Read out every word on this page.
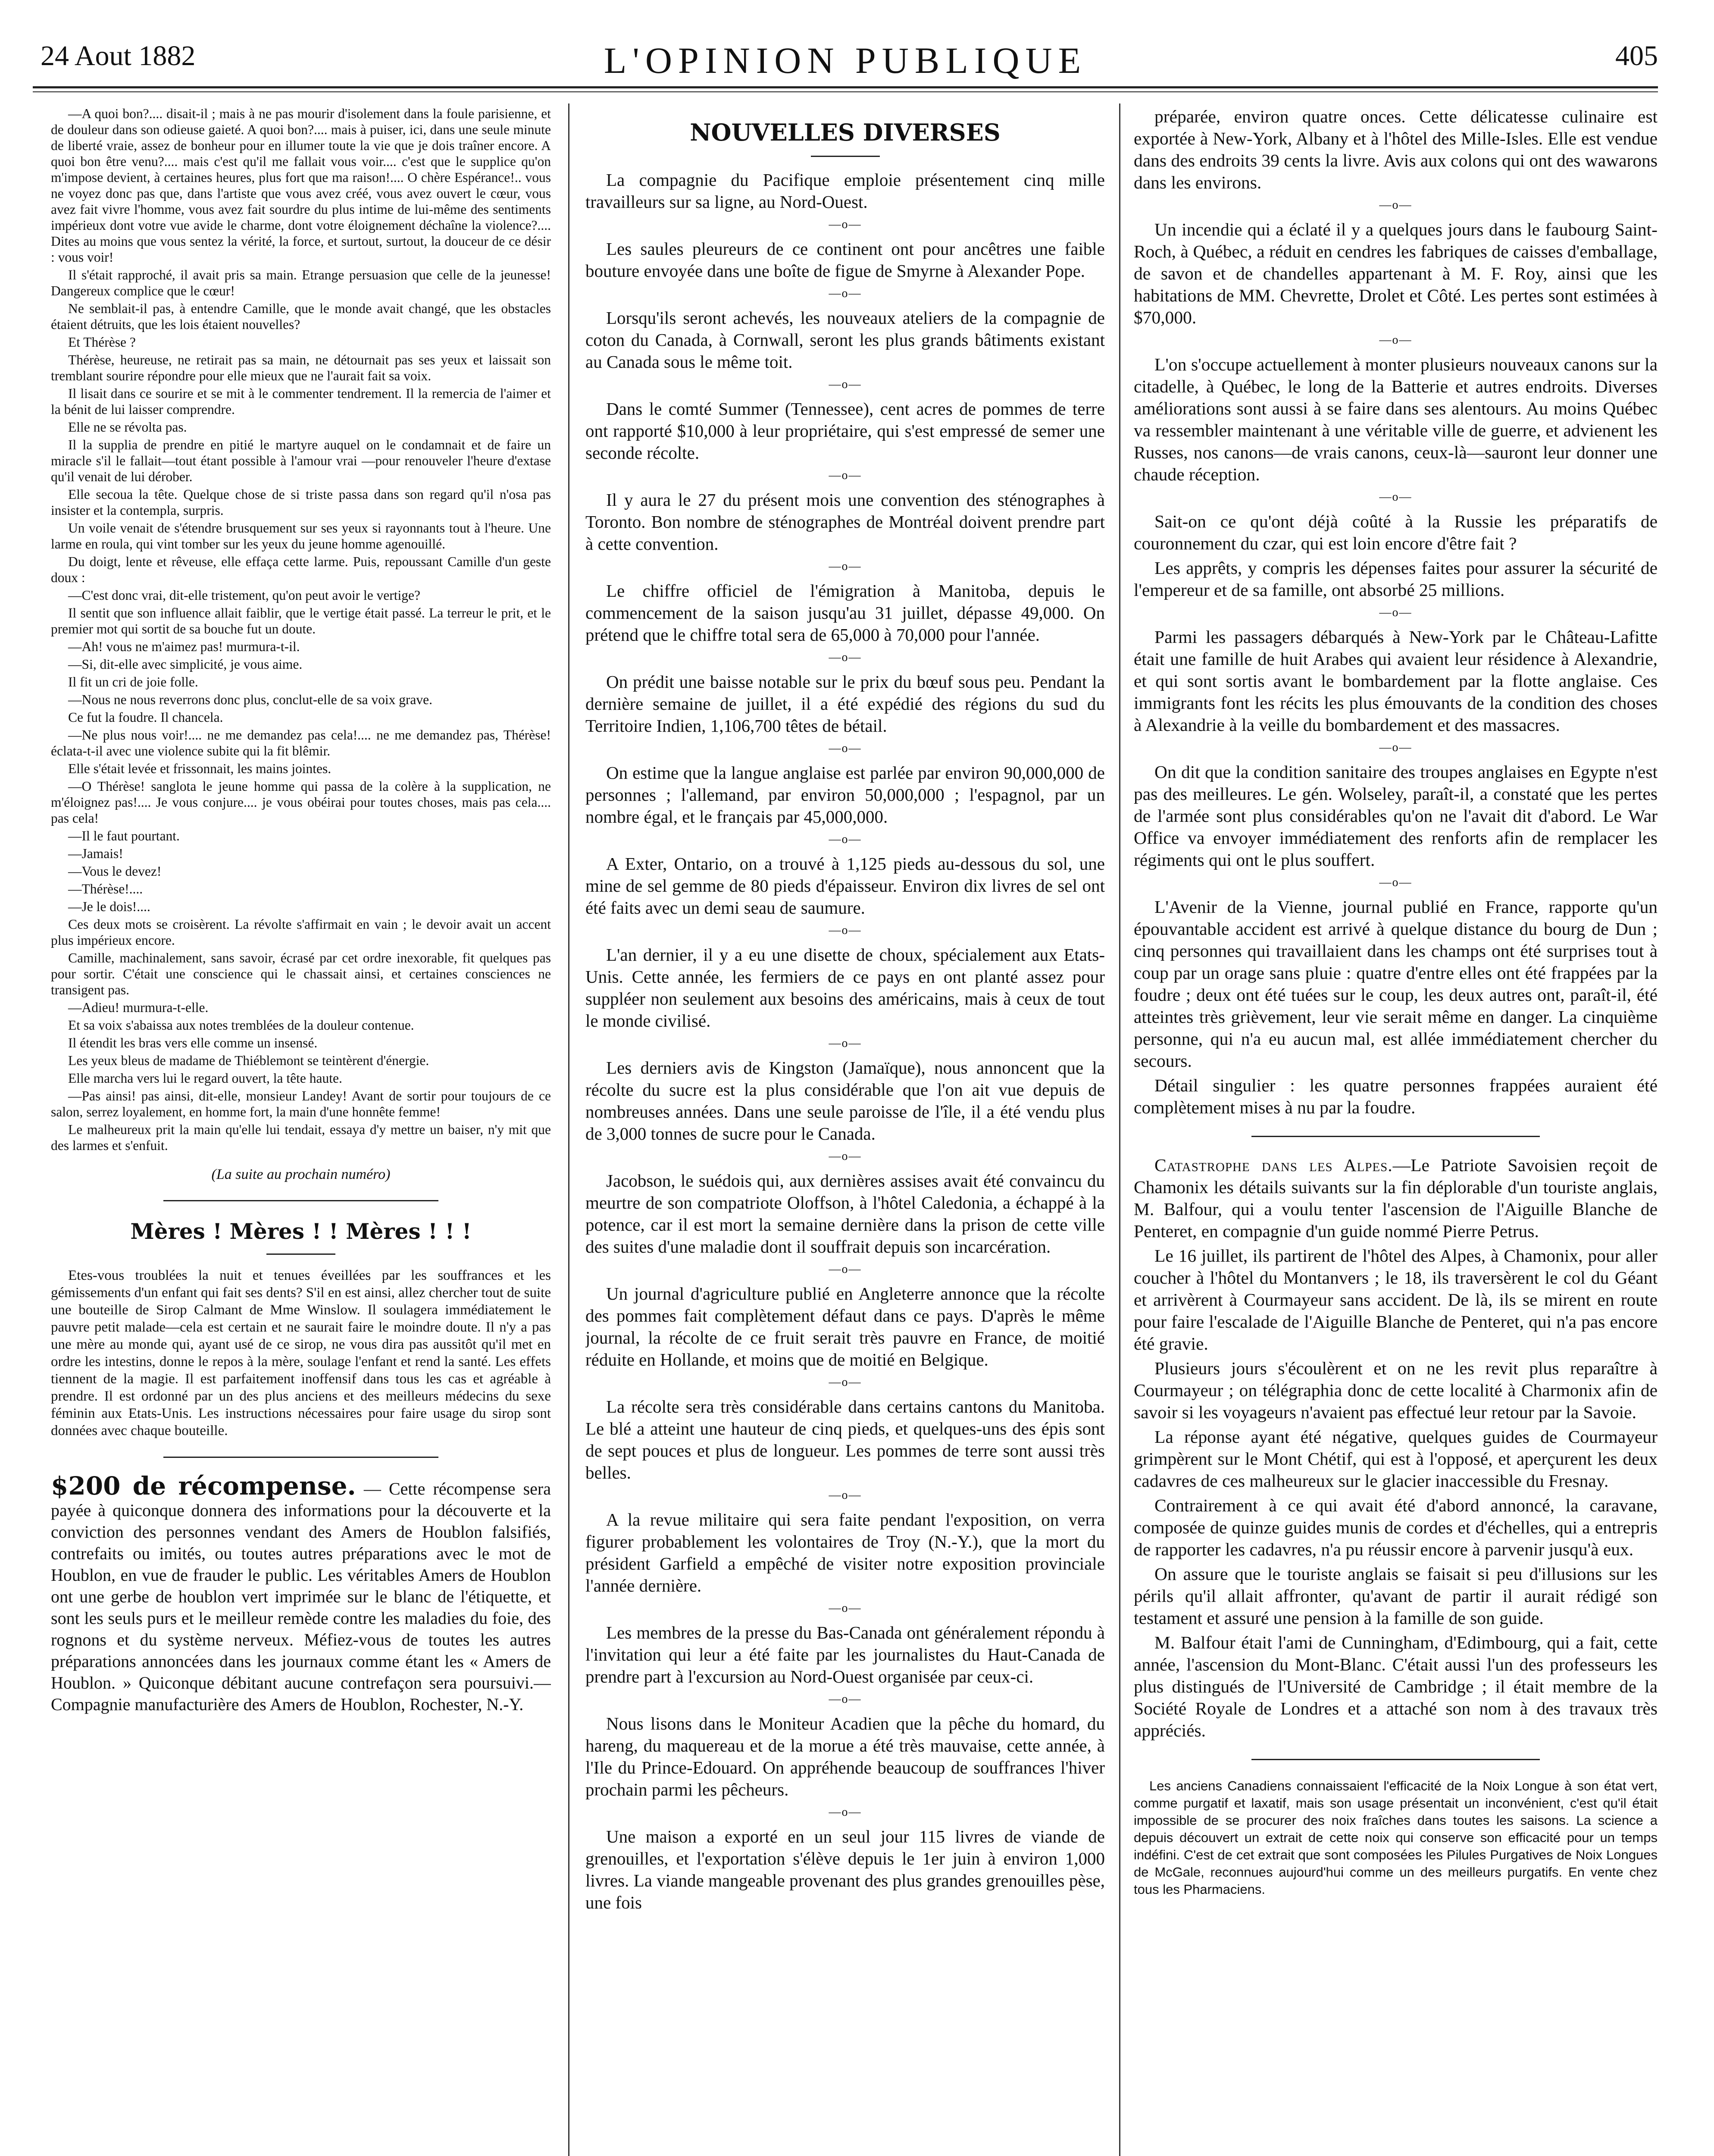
24 Aout 1882	L'OPINION PUBLIQUE	405

—A quoi bon?.... disait-il ; mais à ne pas mourir d'isolement dans la foule parisienne, et de douleur dans son odieuse gaieté. A quoi bon?.... mais à puiser, ici, dans une seule minute de liberté vraie, assez de bonheur pour en illumer toute la vie que je dois traîner encore. A quoi bon être venu?.... mais c'est qu'il me fallait vous voir.... c'est que le supplice qu'on m'impose devient, à certaines heures, plus fort que ma raison!.... O chère Espérance!.. vous ne voyez donc pas que, dans l'artiste que vous avez créé, vous avez ouvert le cœur, vous avez fait vivre l'homme, vous avez fait sourdre du plus intime de lui-même des sentiments impérieux dont votre vue avide le charme, dont votre éloignement déchaîne la violence?.... Dites au moins que vous sentez la vérité, la force, et surtout, surtout, la douceur de ce désir : vous voir!

Il s'était rapproché, il avait pris sa main. Etrange persuasion que celle de la jeunesse! Dangereux complice que le cœur!

Ne semblait-il pas, à entendre Camille, que le monde avait changé, que les obstacles étaient détruits, que les lois étaient nouvelles?

Et Thérèse ?

Thérèse, heureuse, ne retirait pas sa main, ne détournait pas ses yeux et laissait son tremblant sourire répondre pour elle mieux que ne l'aurait fait sa voix.

Il lisait dans ce sourire et se mit à le commenter tendrement. Il la remercia de l'aimer et la bénit de lui laisser comprendre.

Elle ne se révolta pas.

Il la supplia de prendre en pitié le martyre auquel on le condamnait et de faire un miracle s'il le fallait—tout étant possible à l'amour vrai —pour renouveler l'heure d'extase qu'il venait de lui dérober.

Elle secoua la tête. Quelque chose de si triste passa dans son regard qu'il n'osa pas insister et la contempla, surpris.

Un voile venait de s'étendre brusquement sur ses yeux si rayonnants tout à l'heure. Une larme en roula, qui vint tomber sur les yeux du jeune homme agenouillé.

Du doigt, lente et rêveuse, elle effaça cette larme. Puis, repoussant Camille d'un geste doux :

—C'est donc vrai, dit-elle tristement, qu'on peut avoir le vertige?

Il sentit que son influence allait faiblir, que le vertige était passé. La terreur le prit, et le premier mot qui sortit de sa bouche fut un doute.

—Ah! vous ne m'aimez pas! murmura-t-il.

—Si, dit-elle avec simplicité, je vous aime.

Il fit un cri de joie folle.

—Nous ne nous reverrons donc plus, conclut-elle de sa voix grave.

Ce fut la foudre. Il chancela.

—Ne plus nous voir!.... ne me demandez pas cela!.... ne me demandez pas, Thérèse! éclata-t-il avec une violence subite qui la fit blêmir.

Elle s'était levée et frissonnait, les mains jointes.

—O Thérèse! sanglota le jeune homme qui passa de la colère à la supplication, ne m'éloignez pas!.... Je vous conjure.... je vous obéirai pour toutes choses, mais pas cela.... pas cela!

—Il le faut pourtant.

—Jamais!

—Vous le devez!

—Thérèse!....

—Je le dois!....

Ces deux mots se croisèrent. La révolte s'affirmait en vain ; le devoir avait un accent plus impérieux encore.

Camille, machinalement, sans savoir, écrasé par cet ordre inexorable, fit quelques pas pour sortir. C'était une conscience qui le chassait ainsi, et certaines consciences ne transigent pas.

—Adieu! murmura-t-elle.

Et sa voix s'abaissa aux notes tremblées de la douleur contenue.

Il étendit les bras vers elle comme un insensé.

Les yeux bleus de madame de Thiéblemont se teintèrent d'énergie.

Elle marcha vers lui le regard ouvert, la tête haute.

—Pas ainsi! pas ainsi, dit-elle, monsieur Landey! Avant de sortir pour toujours de ce salon, serrez loyalement, en homme fort, la main d'une honnête femme!

Le malheureux prit la main qu'elle lui tendait, essaya d'y mettre un baiser, n'y mit que des larmes et s'enfuit.

(La suite au prochain numéro)
Mères ! Mères ! ! Mères ! ! !

Etes-vous troublées la nuit et tenues éveillées par les souffrances et les gémissements d'un enfant qui fait ses dents? S'il en est ainsi, allez chercher tout de suite une bouteille de Sirop Calmant de Mme Winslow. Il soulagera immédiatement le pauvre petit malade—cela est certain et ne saurait faire le moindre doute. Il n'y a pas une mère au monde qui, ayant usé de ce sirop, ne vous dira pas aussitôt qu'il met en ordre les intestins, donne le repos à la mère, soulage l'enfant et rend la santé. Les effets tiennent de la magie. Il est parfaitement inoffensif dans tous les cas et agréable à prendre. Il est ordonné par un des plus anciens et des meilleurs médecins du sexe féminin aux Etats-Unis. Les instructions nécessaires pour faire usage du sirop sont données avec chaque bouteille.

$200 de récompense. — Cette récompense sera payée à quiconque donnera des informations pour la découverte et la conviction des personnes vendant des Amers de Houblon falsifiés, contrefaits ou imités, ou toutes autres préparations avec le mot de Houblon, en vue de frauder le public. Les véritables Amers de Houblon ont une gerbe de houblon vert imprimée sur le blanc de l'étiquette, et sont les seuls purs et le meilleur remède contre les maladies du foie, des rognons et du système nerveux. Méfiez-vous de toutes les autres préparations annoncées dans les journaux comme étant les « Amers de Houblon. » Quiconque débitant aucune contrefaçon sera poursuivi.—Compagnie manufacturière des Amers de Houblon, Rochester, N.-Y.

NOUVELLES DIVERSES

La compagnie du Pacifique emploie présentement cinq mille travailleurs sur sa ligne, au Nord-Ouest.

—o—

Les saules pleureurs de ce continent ont pour ancêtres une faible bouture envoyée dans une boîte de figue de Smyrne à Alexander Pope.

—o—

Lorsqu'ils seront achevés, les nouveaux ateliers de la compagnie de coton du Canada, à Cornwall, seront les plus grands bâtiments existant au Canada sous le même toit.

—o—

Dans le comté Summer (Tennessee), cent acres de pommes de terre ont rapporté $10,000 à leur propriétaire, qui s'est empressé de semer une seconde récolte.

—o—

Il y aura le 27 du présent mois une convention des sténographes à Toronto. Bon nombre de sténographes de Montréal doivent prendre part à cette convention.

—o—

Le chiffre officiel de l'émigration à Manitoba, depuis le commencement de la saison jusqu'au 31 juillet, dépasse 49,000. On prétend que le chiffre total sera de 65,000 à 70,000 pour l'année.

—o—

On prédit une baisse notable sur le prix du bœuf sous peu. Pendant la dernière semaine de juillet, il a été expédié des régions du sud du Territoire Indien, 1,106,700 têtes de bétail.

—o—

On estime que la langue anglaise est parlée par environ 90,000,000 de personnes ; l'allemand, par environ 50,000,000 ; l'espagnol, par un nombre égal, et le français par 45,000,000.

—o—

A Exter, Ontario, on a trouvé à 1,125 pieds au-dessous du sol, une mine de sel gemme de 80 pieds d'épaisseur. Environ dix livres de sel ont été faits avec un demi seau de saumure.

—o—

L'an dernier, il y a eu une disette de choux, spécialement aux Etats-Unis. Cette année, les fermiers de ce pays en ont planté assez pour suppléer non seulement aux besoins des américains, mais à ceux de tout le monde civilisé.

—o—

Les derniers avis de Kingston (Jamaïque), nous annoncent que la récolte du sucre est la plus considérable que l'on ait vue depuis de nombreuses années. Dans une seule paroisse de l'île, il a été vendu plus de 3,000 tonnes de sucre pour le Canada.

—o—

Jacobson, le suédois qui, aux dernières assises avait été convaincu du meurtre de son compatriote Oloffson, à l'hôtel Caledonia, a échappé à la potence, car il est mort la semaine dernière dans la prison de cette ville des suites d'une maladie dont il souffrait depuis son incarcération.

—o—

Un journal d'agriculture publié en Angleterre annonce que la récolte des pommes fait complètement défaut dans ce pays. D'après le même journal, la récolte de ce fruit serait très pauvre en France, de moitié réduite en Hollande, et moins que de moitié en Belgique.

—o—

La récolte sera très considérable dans certains cantons du Manitoba. Le blé a atteint une hauteur de cinq pieds, et quelques-uns des épis sont de sept pouces et plus de longueur. Les pommes de terre sont aussi très belles.

—o—

A la revue militaire qui sera faite pendant l'exposition, on verra figurer probablement les volontaires de Troy (N.-Y.), que la mort du président Garfield a empêché de visiter notre exposition provinciale l'année dernière.

—o—

Les membres de la presse du Bas-Canada ont généralement répondu à l'invitation qui leur a été faite par les journalistes du Haut-Canada de prendre part à l'excursion au Nord-Ouest organisée par ceux-ci.

—o—

Nous lisons dans le Moniteur Acadien que la pêche du homard, du hareng, du maquereau et de la morue a été très mauvaise, cette année, à l'Ile du Prince-Edouard. On appréhende beaucoup de souffrances l'hiver prochain parmi les pêcheurs.

—o—

Une maison a exporté en un seul jour 115 livres de viande de grenouilles, et l'exportation s'élève depuis le 1er juin à environ 1,000 livres. La viande mangeable provenant des plus grandes grenouilles pèse, une fois

préparée, environ quatre onces. Cette délicatesse culinaire est exportée à New-York, Albany et à l'hôtel des Mille-Isles. Elle est vendue dans des endroits 39 cents la livre. Avis aux colons qui ont des wawarons dans les environs.

—o—

Un incendie qui a éclaté il y a quelques jours dans le faubourg Saint-Roch, à Québec, a réduit en cendres les fabriques de caisses d'emballage, de savon et de chandelles appartenant à M. F. Roy, ainsi que les habitations de MM. Chevrette, Drolet et Côté. Les pertes sont estimées à $70,000.

—o—

L'on s'occupe actuellement à monter plusieurs nouveaux canons sur la citadelle, à Québec, le long de la Batterie et autres endroits. Diverses améliorations sont aussi à se faire dans ses alentours. Au moins Québec va ressembler maintenant à une véritable ville de guerre, et advienent les Russes, nos canons—de vrais canons, ceux-là—sauront leur donner une chaude réception.

—o—

Sait-on ce qu'ont déjà coûté à la Russie les préparatifs de couronnement du czar, qui est loin encore d'être fait ?

Les apprêts, y compris les dépenses faites pour assurer la sécurité de l'empereur et de sa famille, ont absorbé 25 millions.

—o—

Parmi les passagers débarqués à New-York par le Château-Lafitte était une famille de huit Arabes qui avaient leur résidence à Alexandrie, et qui sont sortis avant le bombardement par la flotte anglaise. Ces immigrants font les récits les plus émouvants de la condition des choses à Alexandrie à la veille du bombardement et des massacres.

—o—

On dit que la condition sanitaire des troupes anglaises en Egypte n'est pas des meilleures. Le gén. Wolseley, paraît-il, a constaté que les pertes de l'armée sont plus considérables qu'on ne l'avait dit d'abord. Le War Office va envoyer immédiatement des renforts afin de remplacer les régiments qui ont le plus souffert.

—o—

L'Avenir de la Vienne, journal publié en France, rapporte qu'un épouvantable accident est arrivé à quelque distance du bourg de Dun ; cinq personnes qui travaillaient dans les champs ont été surprises tout à coup par un orage sans pluie : quatre d'entre elles ont été frappées par la foudre ; deux ont été tuées sur le coup, les deux autres ont, paraît-il, été atteintes très grièvement, leur vie serait même en danger. La cinquième personne, qui n'a eu aucun mal, est allée immédiatement chercher du secours.

Détail singulier : les quatre personnes frappées auraient été complètement mises à nu par la foudre.

Catastrophe dans les Alpes.—Le Patriote Savoisien reçoit de Chamonix les détails suivants sur la fin déplorable d'un touriste anglais, M. Balfour, qui a voulu tenter l'ascension de l'Aiguille Blanche de Penteret, en compagnie d'un guide nommé Pierre Petrus.

Le 16 juillet, ils partirent de l'hôtel des Alpes, à Chamonix, pour aller coucher à l'hôtel du Montanvers ; le 18, ils traversèrent le col du Géant et arrivèrent à Courmayeur sans accident. De là, ils se mirent en route pour faire l'escalade de l'Aiguille Blanche de Penteret, qui n'a pas encore été gravie.

Plusieurs jours s'écoulèrent et on ne les revit plus reparaître à Courmayeur ; on télégraphia donc de cette localité à Charmonix afin de savoir si les voyageurs n'avaient pas effectué leur retour par la Savoie.

La réponse ayant été négative, quelques guides de Courmayeur grimpèrent sur le Mont Chétif, qui est à l'opposé, et aperçurent les deux cadavres de ces malheureux sur le glacier inaccessible du Fresnay.

Contrairement à ce qui avait été d'abord annoncé, la caravane, composée de quinze guides munis de cordes et d'échelles, qui a entrepris de rapporter les cadavres, n'a pu réussir encore à parvenir jusqu'à eux.

On assure que le touriste anglais se faisait si peu d'illusions sur les périls qu'il allait affronter, qu'avant de partir il aurait rédigé son testament et assuré une pension à la famille de son guide.

M. Balfour était l'ami de Cunningham, d'Edimbourg, qui a fait, cette année, l'ascension du Mont-Blanc. C'était aussi l'un des professeurs les plus distingués de l'Université de Cambridge ; il était membre de la Société Royale de Londres et a attaché son nom à des travaux très appréciés.

Les anciens Canadiens connaissaient l'efficacité de la Noix Longue à son état vert, comme purgatif et laxatif, mais son usage présentait un inconvénient, c'est qu'il était impossible de se procurer des noix fraîches dans toutes les saisons. La science a depuis découvert un extrait de cette noix qui conserve son efficacité pour un temps indéfini. C'est de cet extrait que sont composées les Pilules Purgatives de Noix Longues de McGale, reconnues aujourd'hui comme un des meilleurs purgatifs. En vente chez tous les Pharmaciens.
